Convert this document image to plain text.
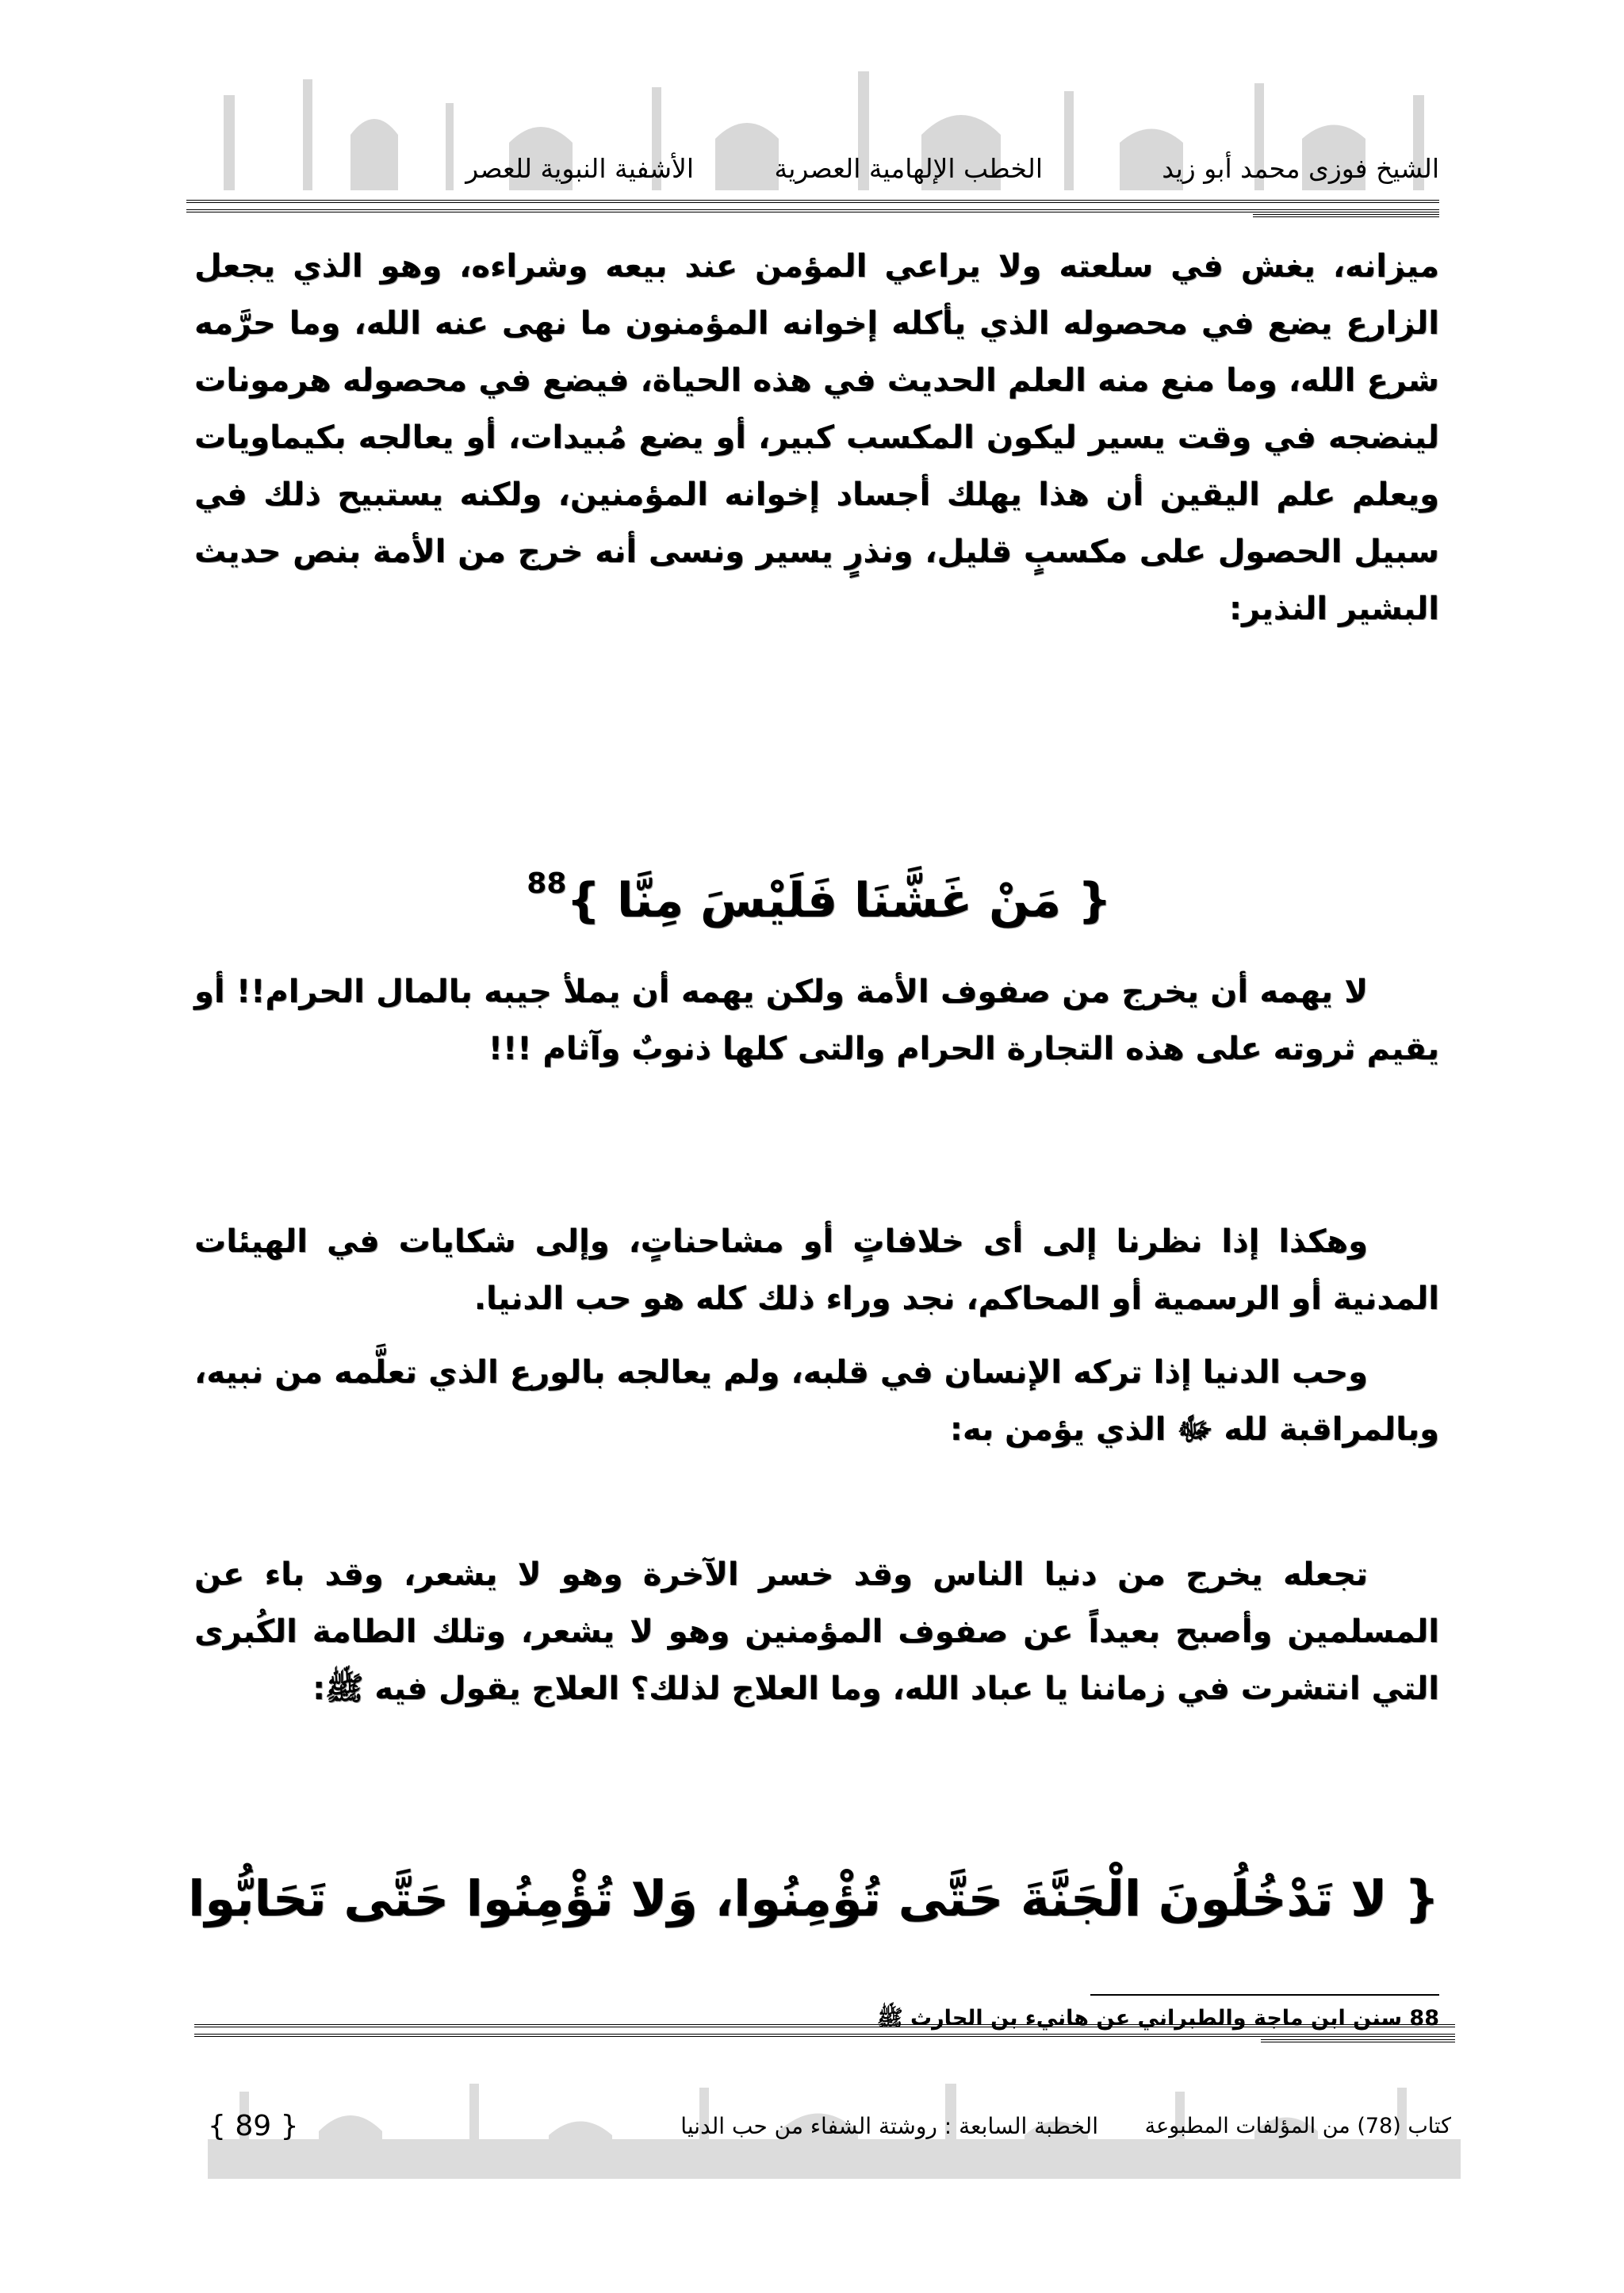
الشيخ فوزى محمد أبو زيد
الخطب الإلهامية العصرية
الأشفية النبوية للعصر

ميزانه، يغش في سلعته ولا يراعي المؤمن عند بيعه وشراءه، وهو الذي يجعل الزارع يضع في محصوله الذي يأكله إخوانه المؤمنون ما نهى عنه الله، وما حرَّمه شرع الله، وما منع منه العلم الحديث في هذه الحياة، فيضع في محصوله هرمونات لينضجه في وقت يسير ليكون المكسب كبير، أو يضع مُبيدات، أو يعالجه بكيماويات ويعلم علم اليقين أن هذا يهلك أجساد إخوانه المؤمنين، ولكنه يستبيح ذلك في سبيل الحصول على مكسبٍ قليل، ونذرٍ يسير ونسى أنه خرج من الأمة بنص حديث البشير النذير:

{ مَنْ غَشَّنَا فَلَيْسَ مِنَّا }$^{88}$

لا يهمه أن يخرج من صفوف الأمة ولكن يهمه أن يملأ جيبه بالمال الحرام!! أو يقيم ثروته على هذه التجارة الحرام والتى كلها ذنوبٌ وآثام !!!

وهكذا إذا نظرنا إلى أى خلافاتٍ أو مشاحناتٍ، وإلى شكايات في الهيئات المدنية أو الرسمية أو المحاكم، نجد وراء ذلك كله هو حب الدنيا.

وحب الدنيا إذا تركه الإنسان في قلبه، ولم يعالجه بالورع الذي تعلَّمه من نبيه، وبالمراقبة لله ﷻ الذي يؤمن به:

تجعله يخرج من دنيا الناس وقد خسر الآخرة وهو لا يشعر، وقد باء عن المسلمين وأصبح بعيداً عن صفوف المؤمنين وهو لا يشعر، وتلك الطامة الكُبرى التي انتشرت في زماننا يا عباد الله، وما العلاج لذلك؟ العلاج يقول فيه ﷺ:

{ لا تَدْخُلُونَ الْجَنَّةَ حَتَّى تُؤْمِنُوا، وَلا تُؤْمِنُوا حَتَّى تَحَابُّوا
88 سنن ابن ماجة والطبراني عن هانيء بن الحارث ﷺ
كتاب (78) من المؤلفات المطبوعة
الخطبة السابعة : روشتة الشفاء من حب الدنيا
{ 89 }
